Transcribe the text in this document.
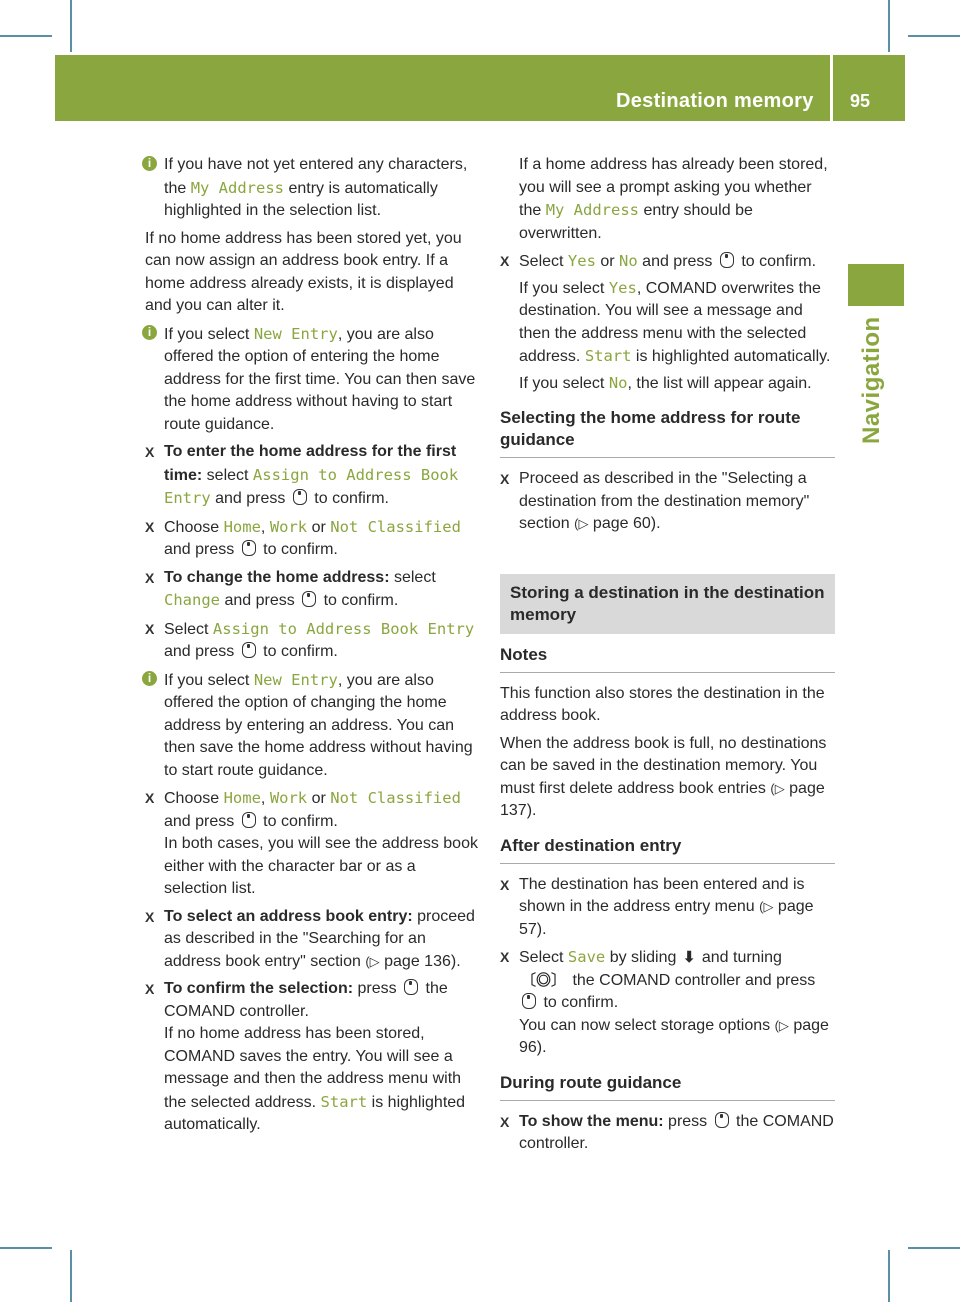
Destination memory 95
Navigation
i If you have not yet entered any characters, the My Address entry is automatically highlighted in the selection list.

If no home address has been stored yet, you can now assign an address book entry. If a home address already exists, it is displayed and you can alter it.

i If you select New Entry, you are also offered the option of entering the home address for the first time. You can then save the home address without having to start route guidance.
X To enter the home address for the first time: select Assign to Address Book Entry and press  to confirm.
X Choose Home, Work or Not Classified and press  to confirm.
X To change the home address: select Change and press  to confirm.
X Select Assign to Address Book Entry and press  to confirm.
i If you select New Entry, you are also offered the option of changing the home address by entering an address. You can then save the home address without having to start route guidance.
X Choose Home, Work or Not Classified and press  to confirm.
In both cases, you will see the address book either with the character bar or as a selection list.
X To select an address book entry: proceed as described in the "Searching for an address book entry" section (▷ page 136).
X To confirm the selection: press  the COMAND controller.
If no home address has been stored, COMAND saves the entry. You will see a message and then the address menu with the selected address. Start is highlighted automatically.
If a home address has already been stored, you will see a prompt asking you whether the My Address entry should be overwritten.
X Select Yes or No and press  to confirm.
If you select Yes, COMAND overwrites the destination. You will see a message and then the address menu with the selected address. Start is highlighted automatically.
If you select No, the list will appear again.
Selecting the home address for route guidance
X Proceed as described in the "Selecting a destination from the destination memory" section (▷ page 60).
Storing a destination in the destination memory
Notes

This function also stores the destination in the address book.

When the address book is full, no destinations can be saved in the destination memory. You must first delete address book entries (▷ page 137).

After destination entry
X The destination has been entered and is shown in the address entry menu (▷ page 57).
X Select Save by sliding ⬇ and turning 〔◎〕 the COMAND controller and press  to confirm.
You can now select storage options (▷ page 96).
During route guidance
X To show the menu: press  the COMAND controller.
